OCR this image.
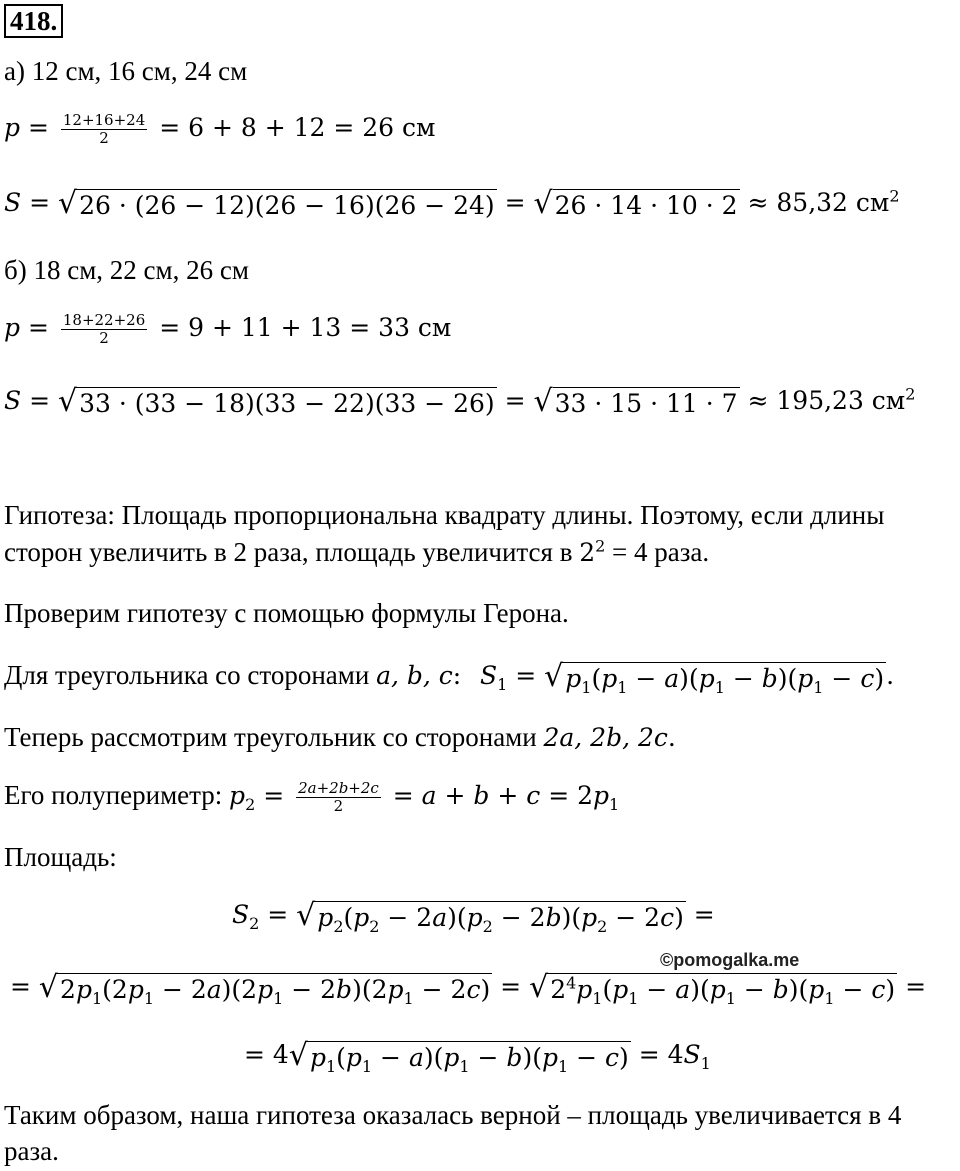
418.
а) 12 см, 16 см, 24 см
$p = \frac{12+16+24}{2} = 6 + 8 + 12 = 26$ см
S = √ 26 · (26 − 12)(26 − 16)(26 − 24) = √ 26 · 14 · 10 · 2 ≈ 85,32 $см^2$
б) 18 см, 22 см, 26 см
$p = \frac{18+22+26}{2} = 9 + 11 + 13 = 33$ см
S = √ 33 · (33 − 18)(33 − 22)(33 − 26) = √ 33 · 15 · 11 · 7 ≈ 195,23 $см^2$
Гипотеза: Площадь пропорциональна квадрату длины. Поэтому, если длины
сторон увеличить в 2 раза, площадь увеличится в $2^2 = 4$ раза.
Проверим гипотезу с помощью формулы Герона.
Для треугольника со сторонами a, b, c: $S_1$ = √ $p_1(p_1 - a)(p_1 - b)(p_1 - c)$ .
Теперь рассмотрим треугольник со сторонами 2a, 2b, 2c.
Его полупериметр: $p_2 = \frac{2a+2b+2c}{2} = a + b + c = 2p_1$
Площадь:
$S_2$ = √ $p_2(p_2 - 2a)(p_2 - 2b)(p_2 - 2c)$ =
©pomogalka.me
= √ $2p_1(2p_1 - 2a)(2p_1 - 2b)(2p_1 - 2c)$ = √ $2^4p_1(p_1 - a)(p_1 - b)(p_1 - c)$ =
= 4 √ $p_1(p_1 - a)(p_1 - b)(p_1 - c) = 4S_1$
Таким образом, наша гипотеза оказалась верной – площадь увеличивается в 4
раза.
